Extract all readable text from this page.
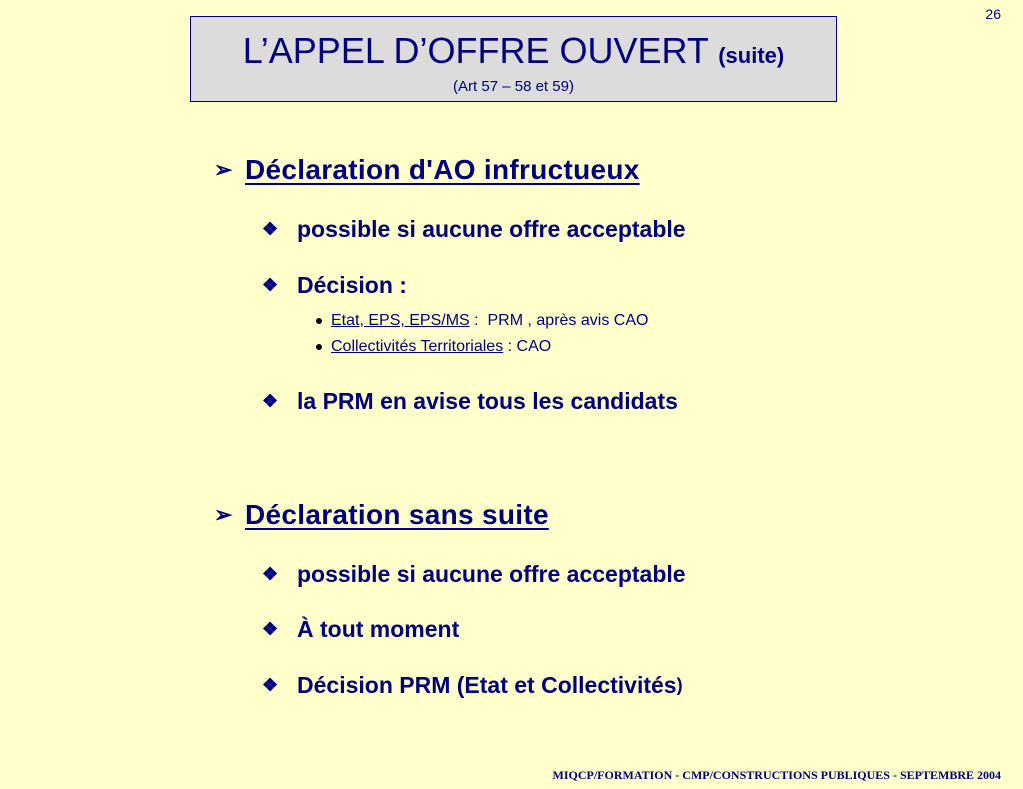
26
L’APPEL D’OFFRE OUVERT (suite)
(Art 57 – 58 et 59)
➢ Déclaration d'AO infructueux
❖ possible si aucune offre acceptable
❖ Décision :
Etat, EPS, EPS/MS :  PRM , après avis CAO
Collectivités Territoriales : CAO
❖ la PRM en avise tous les candidats
➢ Déclaration sans suite
❖ possible si aucune offre acceptable
❖ À tout moment
❖ Décision PRM (Etat et Collectivités )
MIQCP/FORMATION - CMP/CONSTRUCTIONS PUBLIQUES - SEPTEMBRE 2004
